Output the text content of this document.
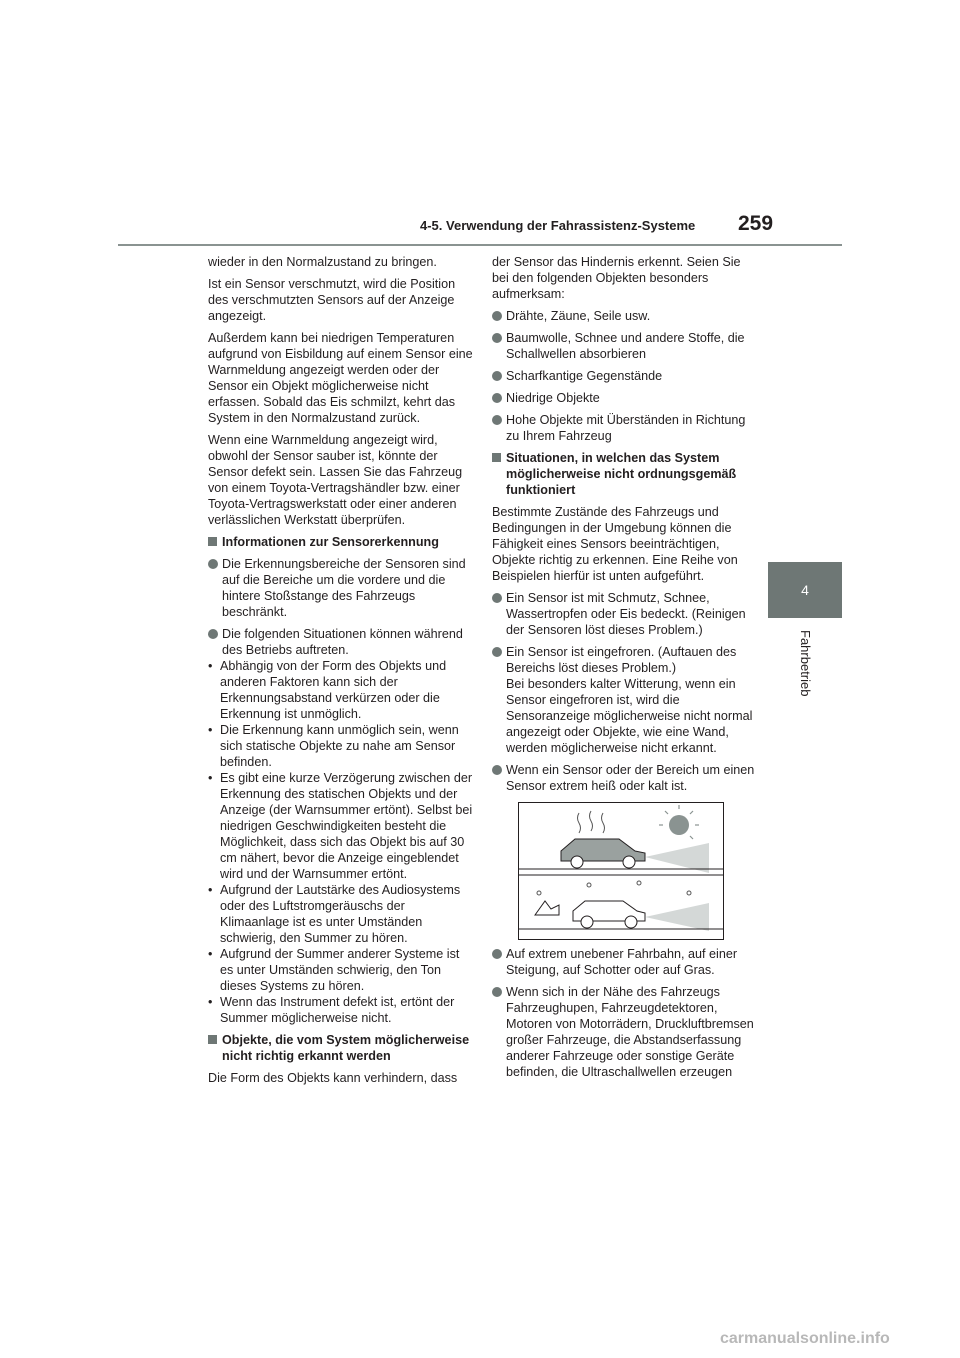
4-5. Verwendung der Fahrassistenz-Systeme 259
4
Fahrbetrieb

wieder in den Normalzustand zu bringen.

Ist ein Sensor verschmutzt, wird die Position des verschmutzten Sensors auf der Anzeige angezeigt.

Außerdem kann bei niedrigen Temperaturen aufgrund von Eisbildung auf einem Sensor eine Warnmeldung angezeigt werden oder der Sensor ein Objekt möglicherweise nicht erfassen. Sobald das Eis schmilzt, kehrt das System in den Normalzustand zurück.

Wenn eine Warnmeldung angezeigt wird, obwohl der Sensor sauber ist, könnte der Sensor defekt sein. Lassen Sie das Fahrzeug von einem Toyota-Vertragshändler bzw. einer Toyota-Vertragswerkstatt oder einer anderen verlässlichen Werkstatt überprüfen.

Informationen zur Sensorerkennung
Die Erkennungsbereiche der Sensoren sind auf die Bereiche um die vordere und die hintere Stoßstange des Fahrzeugs beschränkt.
Die folgenden Situationen können während des Betriebs auftreten.
• Abhängig von der Form des Objekts und anderen Faktoren kann sich der Erkennungsabstand verkürzen oder die Erkennung ist unmöglich.
• Die Erkennung kann unmöglich sein, wenn sich statische Objekte zu nahe am Sensor befinden.
• Es gibt eine kurze Verzögerung zwischen der Erkennung des statischen Objekts und der Anzeige (der Warnsummer ertönt). Selbst bei niedrigen Geschwindigkeiten besteht die Möglichkeit, dass sich das Objekt bis auf 30 cm nähert, bevor die Anzeige eingeblendet wird und der Warnsummer ertönt.
• Aufgrund der Lautstärke des Audiosystems oder des Luftstromgeräuschs der Klimaanlage ist es unter Umständen schwierig, den Summer zu hören.
• Aufgrund der Summer anderer Systeme ist es unter Umständen schwierig, den Ton dieses Systems zu hören.
• Wenn das Instrument defekt ist, ertönt der Summer möglicherweise nicht.
Objekte, die vom System möglicherweise nicht richtig erkannt werden

Die Form des Objekts kann verhindern, dass

der Sensor das Hindernis erkennt. Seien Sie bei den folgenden Objekten besonders aufmerksam:

Drähte, Zäune, Seile usw.
Baumwolle, Schnee und andere Stoffe, die Schallwellen absorbieren
Scharfkantige Gegenstände
Niedrige Objekte
Hohe Objekte mit Überständen in Richtung zu Ihrem Fahrzeug
Situationen, in welchen das System möglicherweise nicht ordnungsgemäß funktioniert

Bestimmte Zustände des Fahrzeugs und Bedingungen in der Umgebung können die Fähigkeit eines Sensors beeinträchtigen, Objekte richtig zu erkennen. Eine Reihe von Beispielen hierfür ist unten aufgeführt.

Ein Sensor ist mit Schmutz, Schnee, Wassertropfen oder Eis bedeckt. (Reinigen der Sensoren löst dieses Problem.)
Ein Sensor ist eingefroren. (Auftauen des Bereichs löst dieses Problem.)
Bei besonders kalter Witterung, wenn ein Sensor eingefroren ist, wird die Sensoranzeige möglicherweise nicht normal angezeigt oder Objekte, wie eine Wand, werden möglicherweise nicht erkannt.
Wenn ein Sensor oder der Bereich um einen Sensor extrem heiß oder kalt ist.
Auf extrem unebener Fahrbahn, auf einer Steigung, auf Schotter oder auf Gras.
Wenn sich in der Nähe des Fahrzeugs Fahrzeughupen, Fahrzeugdetektoren, Motoren von Motorrädern, Druckluftbremsen großer Fahrzeuge, die Abstandserfassung anderer Fahrzeuge oder sonstige Geräte befinden, die Ultraschallwellen erzeugen
carmanualsonline.info
